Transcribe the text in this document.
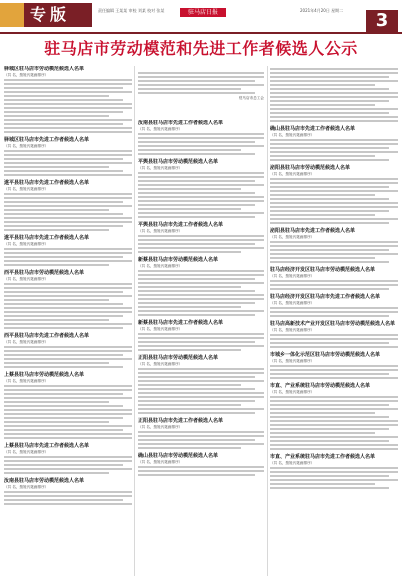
专版	责任编辑 王某某 审校 刘某 校对 张某	驻马店日报	2021年4月20日 星期二	3
驻马店市劳动模范和先进工作者候选人公示
驿城区驻马店市劳动模范候选人名单
（共 名，按姓氏笔画排序）
驿城区驻马店市先进工作者候选人名单
（共 名，按姓氏笔画排序）
遂平县驻马店市先进工作者候选人名单
（共 名，按姓氏笔画排序）
遂平县驻马店市先进工作者候选人名单
（共 名，按姓氏笔画排序）
西平县驻马店市劳动模范候选人名单
（共 名，按姓氏笔画排序）
西平县驻马店市先进工作者候选人名单
（共 名，按姓氏笔画排序）
上蔡县驻马店市劳动模范候选人名单
（共 名，按姓氏笔画排序）
上蔡县驻马店市先进工作者候选人名单
（共 名，按姓氏笔画排序）
汝南县驻马店市劳动模范候选人名单
（共 名，按姓氏笔画排序）
汝南县驻马店市先进工作者候选人名单
（共 名，按姓氏笔画排序）
平舆县驻马店市劳动模范候选人名单
（共 名，按姓氏笔画排序）
平舆县驻马店市先进工作者候选人名单
（共 名，按姓氏笔画排序）
新蔡县驻马店市劳动模范候选人名单
（共 名，按姓氏笔画排序）
新蔡县驻马店市先进工作者候选人名单
（共 名，按姓氏笔画排序）
正阳县驻马店市劳动模范候选人名单
（共 名，按姓氏笔画排序）
正阳县驻马店市先进工作者候选人名单
（共 名，按姓氏笔画排序）
确山县驻马店市劳动模范候选人名单
（共 名，按姓氏笔画排序）
确山县驻马店市先进工作者候选人名单
（共 名，按姓氏笔画排序）
泌阳县驻马店市劳动模范候选人名单
（共 名，按姓氏笔画排序）
泌阳县驻马店市先进工作者候选人名单
（共 名，按姓氏笔画排序）
驻马店经济开发区驻马店市劳动模范候选人名单
（共 名，按姓氏笔画排序）
驻马店经济开发区驻马店市先进工作者候选人名单
（共 名，按姓氏笔画排序）
驻马店高新技术产业开发区驻马店市劳动模范候选人名单
（共 名，按姓氏笔画排序）
市城乡一体化示范区驻马店市劳动模范候选人名单
（共 名，按姓氏笔画排序）
市直、产业系统驻马店市劳动模范候选人名单
（共 名，按姓氏笔画排序）
市直、产业系统驻马店市先进工作者候选人名单
（共 名，按姓氏笔画排序）
驻马店市总工会
